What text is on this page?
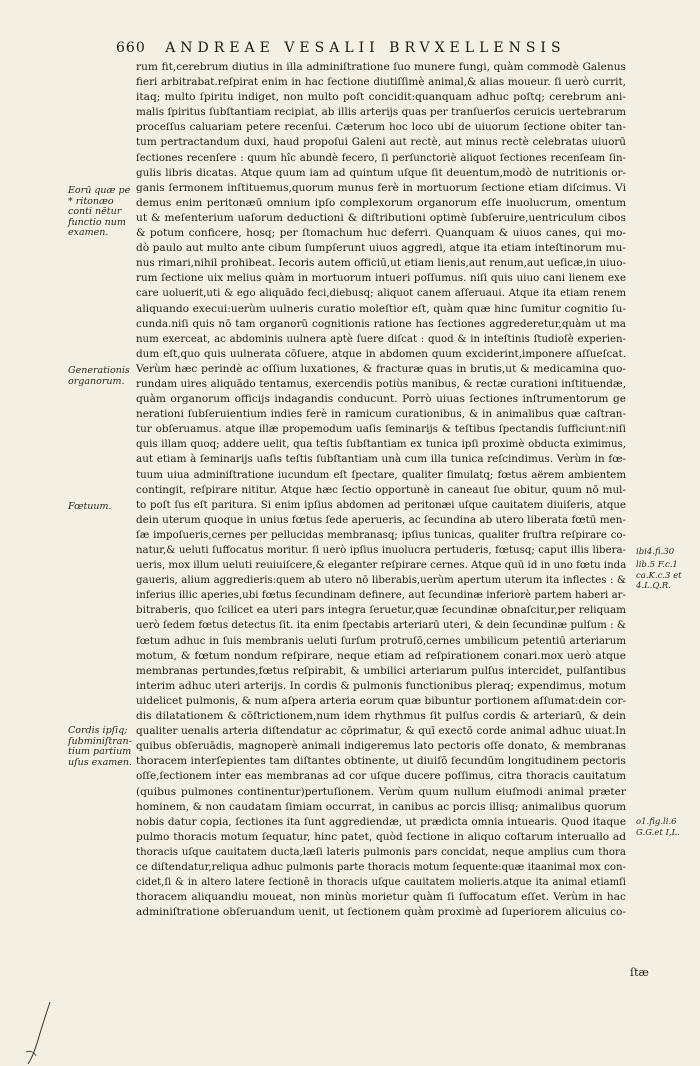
660 ANDREAE VESALII BRVXELLENSIS
Eorū quæ pe * ritonæo conti nētur functio num examen.
Generationis organorum.
Fœtuum.
Cordis ipſiq; ſubminiſtran- tium partium uſus examen.
ibi4.fi.30
lib.5 F.c.1 ca.K.c.3 et 4.L.Q.R.
o1.fig.li.6 G.G.et I,L.
rum fit,cerebrum diutius in illa adminiſtratione ſuo munere fungi, quàm commodè Galenus
fieri arbitrabat.reſpirat enim in hac ſectione diutiſſimè animal,& alias moueur. ſi uerò currit,
itaq; multo ſpiritu indiget, non multo poſt concidit:quanquam adhuc poſtq; cerebrum ani-
malis ſpiritus ſubſtantiam recipiat, ab illis arterijs quas per tranſuerſos ceruicis uertebrarum
proceſſus caluariam petere recenſui. Cæterum hoc loco ubi de uiuorum ſectione obiter tan-
tum pertractandum duxi, haud propoſui Galeni aut rectè, aut minus rectè celebratas uiuorū
ſectiones recenſere : quum hîc abundè fecero, ſi perſunctoriè aliquot ſectiones recenſeam ſin-
gulis libris dicatas. Atque quum iam ad quintum uſque ſit deuentum,modò de nutritionis or-
ganis ſermonem inſtituemus,quorum munus ferè in mortuorum ſectione etiam diſcimus. Vi
demus enim peritonæū omnium ipſo complexorum organorum eſſe inuolucrum, omentum
ut & meſenterium uaſorum deductioni & diſtributioni optimè ſubſeruire,uentriculum cibos
& potum conficere, hosq; per ſtomachum huc deferri. Quanquam & uiuos canes, qui mo-
dò paulo aut multo ante cibum ſumpſerunt uiuos aggredi, atque ita etiam inteſtinorum mu-
nus rimari,nihil prohibeat. Iecoris autem officiū,ut etiam lienis,aut renum,aut ueſicæ,in uiuo-
rum ſectione uix melius quàm in mortuorum intueri poſſumus. niſi quis uiuo cani lienem exe
care uoluerit,uti & ego aliquādo feci,diebusq; aliquot canem aſſeruaui. Atque ita etiam renem
aliquando execui:uerùm uulneris curatio moleſtior eſt, quàm quæ hinc ſumitur cognitio ſu-
cunda.niſi quis nō tam organorū cognitionis ratione has ſectiones aggrederetur,quàm ut ma
num exerceat, ac abdominis uulnera aptè ſuere diſcat : quod & in inteſtinis ſtudioſè experien-
dum eſt,quo quis uulnerata cōſuere, atque in abdomen quum exciderint,imponere aſſueſcat.
Verùm hæc perindè ac oſſium luxationes, & fracturæ quas in brutis,ut & medicamina quo-
rundam uires aliquādo tentamus, exercendis potiùs manibus, & rectæ curationi inſtituendæ,
quàm organorum officijs indagandis conducunt. Porrò uiuas ſectiones inſtrumentorum ge
nerationi ſubſeruientium indies ferè in ramicum curationibus, & in animalibus quæ caſtran-
tur obſeruamus. atque illæ propemodum uaſis ſeminarijs & teſtibus ſpectandis ſufficiunt:niſi
quis illam quoq; addere uelit, qua teſtis ſubſtantiam ex tunica ipſi proximè obducta eximimus,
aut etiam à ſeminarijs uaſis teſtis ſubſtantiam unà cum illa tunica reſcindimus. Verùm in fœ-
tuum uiua adminiſtratione iucundum eſt ſpectare, qualiter ſimulatq; fœtus aërem ambientem
contingit, reſpirare nititur. Atque hæc ſectio opportunè in caneaut ſue obitur, quum nō mul-
to poſt ſus eſt paritura. Si enim ipſius abdomen ad peritonæi uſque cauitatem diuiſeris, atque
dein uterum quoque in unius fœtus ſede aperueris, ac ſecundina ab utero liberata fœtū men-
ſæ impoſueris,cernes per pellucidas membranasq; ipſius tunicas, qualiter fruſtra reſpirare co-
natur,& ueluti ſuffocatus moritur. ſi uerò ipſius inuolucra pertuderis, fœtusq; caput illis libera-
ueris, mox illum ueluti reuiuiſcere,& eleganter reſpirare cernes. Atque quū id in uno fœtu inda
gaueris, alium aggredieris:quem ab utero nō liberabis,uerùm apertum uterum ita inflectes : &
inferius illic aperies,ubi fœtus ſecundinam definere, aut ſecundinæ inferiorè partem haberi ar-
bitraberis, quo ſcilicet ea uteri pars integra ſeruetur,quæ ſecundinæ obnaſcitur,per reliquam
uerò ſedem fœtus detectus ſit. ita enim ſpectabis arteriarū uteri, & dein ſecundinæ pulſum : &
fœtum adhuc in ſuis membranis ueluti ſurſum protruſō,cernes umbilicum petentiū arteriarum
motum, & fœtum nondum reſpirare, neque etiam ad reſpirationem conari.mox uerò atque
membranas pertundes,fœtus reſpirabit, & umbilici arteriarum pulſus intercidet, pulſantibus
interim adhuc uteri arterijs. In cordis & pulmonis functionibus pleraq; expendimus, motum
uidelicet pulmonis, & num aſpera arteria eorum quæ bibuntur portionem aſſumat:dein cor-
dis dilatationem & cōſtrictionem,num idem rhythmus ſit pulſus cordis & arteriarū, & dein
qualiter uenalis arteria diſtendatur ac cōprimatur, & quī exectō corde animal adhuc uiuat.In
quibus obſeruādis, magnoperè animali indigeremus lato pectoris oſſe donato, & membranas
thoracem interſepientes tam diſtantes obtinente, ut diuiſō ſecundūm longitudinem pectoris
oſſe,ſectionem inter eas membranas ad cor uſque ducere poſſimus, citra thoracis cauitatum
(quibus pulmones continentur)pertuſionem. Verùm quum nullum eiuſmodi animal præter
hominem, & non caudatam ſimiam occurrat, in canibus ac porcis illisq; animalibus quorum
nobis datur copia, ſectiones ita ſunt aggrediendæ, ut prædicta omnia intuearis. Quod itaque
pulmo thoracis motum ſequatur, hinc patet, quòd ſectione in aliquo coſtarum interuallo ad
thoracis uſque cauitatem ducta,læſi lateris pulmonis pars concidat, neque amplius cum thora
ce diſtendatur,reliqua adhuc pulmonis parte thoracis motum ſequente:quæ itaanimal mox con-
cidet,ſi & in altero latere ſectionē in thoracis uſque cauitatem molieris.atque ita animal etiamſi
thoracem aliquandiu moueat, non minùs morietur quàm ſi ſuffocatum eſſet. Verùm in hac
adminiſtratione obſeruandum uenit, ut ſectionem quàm proximè ad ſuperiorem alicuius co-
ſtæ
